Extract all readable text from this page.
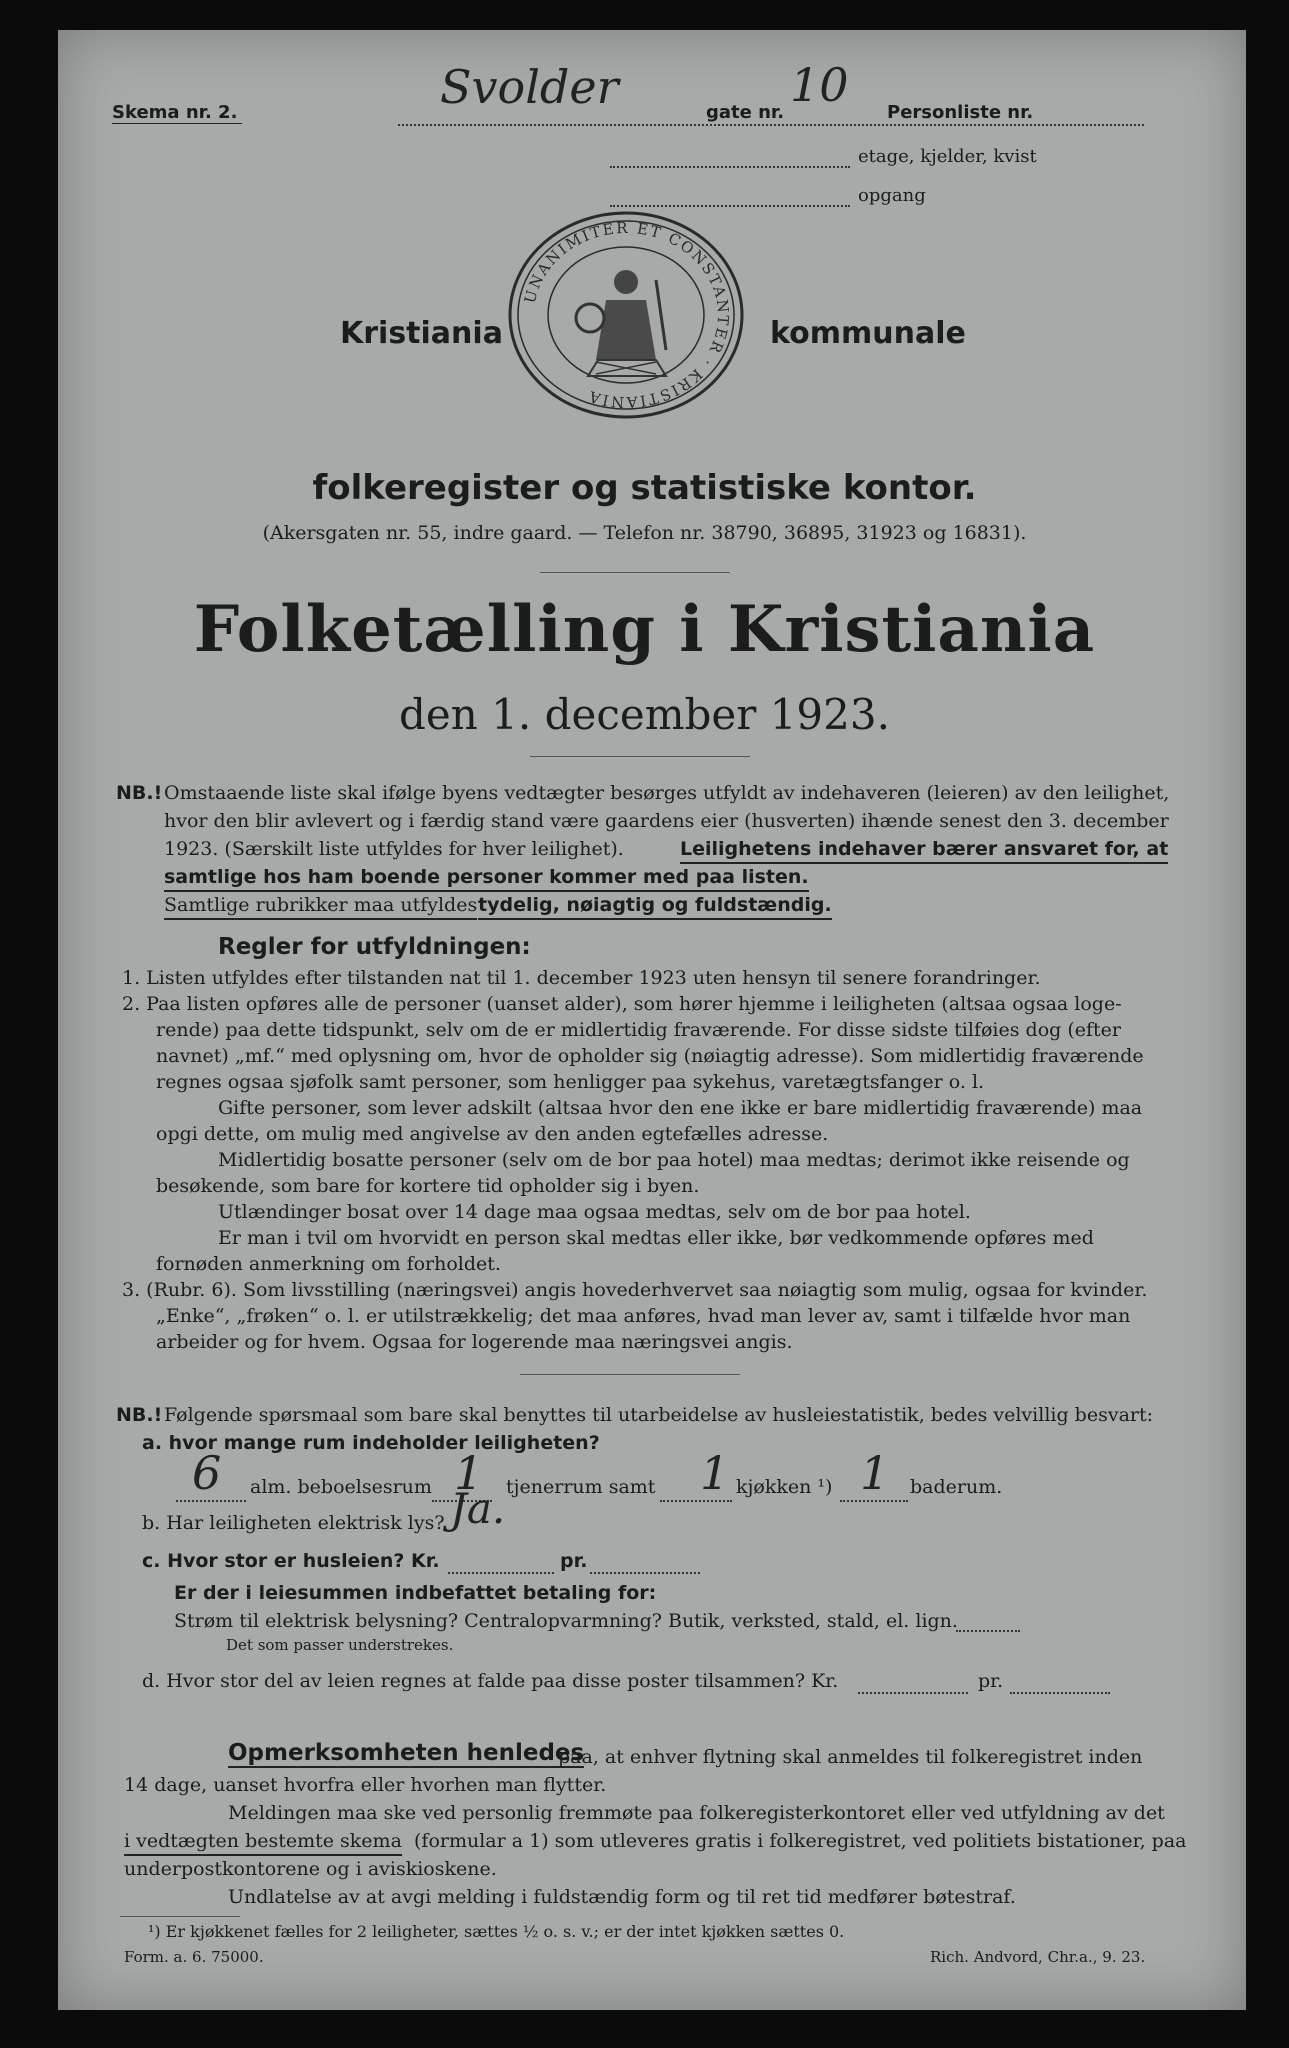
Skema nr. 2.	Svolder	gate nr.
10
Personliste nr.
etage, kjelder, kvist
opgang
Kristiania	kommunale
UNANIMITER ET CONSTANTER · KRISTIANIA
folkeregister og statistiske kontor.
(Akersgaten nr. 55, indre gaard. — Telefon nr. 38790, 36895, 31923 og 16831).
Folketælling i Kristiania
den 1. december 1923.
NB.! Omstaaende liste skal ifølge byens vedtægter besørges utfyldt av indehaveren (leieren) av den leilighet,
hvor den blir avlevert og i færdig stand være gaardens eier (husverten) ihænde senest den 3. december
1923. (Særskilt liste utfyldes for hver leilighet).	Leilighetens indehaver bærer ansvaret for, at
samtlige hos ham boende personer kommer med paa listen.
Samtlige rubrikker maa utfyldes tydelig, nøiagtig og fuldstændig.
Regler for utfyldningen:
1. Listen utfyldes efter tilstanden nat til 1. december 1923 uten hensyn til senere forandringer.
2. Paa listen opføres alle de personer (uanset alder), som hører hjemme i leiligheten (altsaa ogsaa loge-
rende) paa dette tidspunkt, selv om de er midlertidig fraværende. For disse sidste tilføies dog (efter
navnet) „mf.“ med oplysning om, hvor de opholder sig (nøiagtig adresse). Som midlertidig fraværende
regnes ogsaa sjøfolk samt personer, som henligger paa sykehus, varetægtsfanger o. l.
Gifte personer, som lever adskilt (altsaa hvor den ene ikke er bare midlertidig fraværende) maa
opgi dette, om mulig med angivelse av den anden egtefælles adresse.
Midlertidig bosatte personer (selv om de bor paa hotel) maa medtas; derimot ikke reisende og
besøkende, som bare for kortere tid opholder sig i byen.
Utlændinger bosat over 14 dage maa ogsaa medtas, selv om de bor paa hotel.
Er man i tvil om hvorvidt en person skal medtas eller ikke, bør vedkommende opføres med
fornøden anmerkning om forholdet.
3. (Rubr. 6). Som livsstilling (næringsvei) angis hovederhvervet saa nøiagtig som mulig, ogsaa for kvinder.
„Enke“, „frøken“ o. l. er utilstrækkelig; det maa anføres, hvad man lever av, samt i tilfælde hvor man
arbeider og for hvem. Ogsaa for logerende maa næringsvei angis.
NB.! Følgende spørsmaal som bare skal benyttes til utarbeidelse av husleiestatistik, bedes velvillig besvart:
a. hvor mange rum indeholder leiligheten?
6 alm. beboelsesrum 1 tjenerrum samt 1 kjøkken ¹) 1 baderum.
b. Har leiligheten elektrisk lys? Ja.
c. Hvor stor er husleien? Kr.	pr.
Er der i leiesummen indbefattet betaling for:
Strøm til elektrisk belysning? Centralopvarmning? Butik, verksted, stald, el. lign.
Det som passer understrekes.
d. Hvor stor del av leien regnes at falde paa disse poster tilsammen? Kr.	pr.
Opmerksomheten henledes
paa, at enhver flytning skal anmeldes til folkeregistret inden
14 dage, uanset hvorfra eller hvorhen man flytter.
Meldingen maa ske ved personlig fremmøte paa folkeregisterkontoret eller ved utfyldning av det
i vedtægten bestemte skema (formular a 1) som utleveres gratis i folkeregistret, ved politiets bistationer, paa
underpostkontorene og i aviskioskene.
Undlatelse av at avgi melding i fuldstændig form og til ret tid medfører bøtestraf.
¹) Er kjøkkenet fælles for 2 leiligheter, sættes ½ o. s. v.; er der intet kjøkken sættes 0.
Form. a. 6. 75000.	Rich. Andvord, Chr.a., 9. 23.
